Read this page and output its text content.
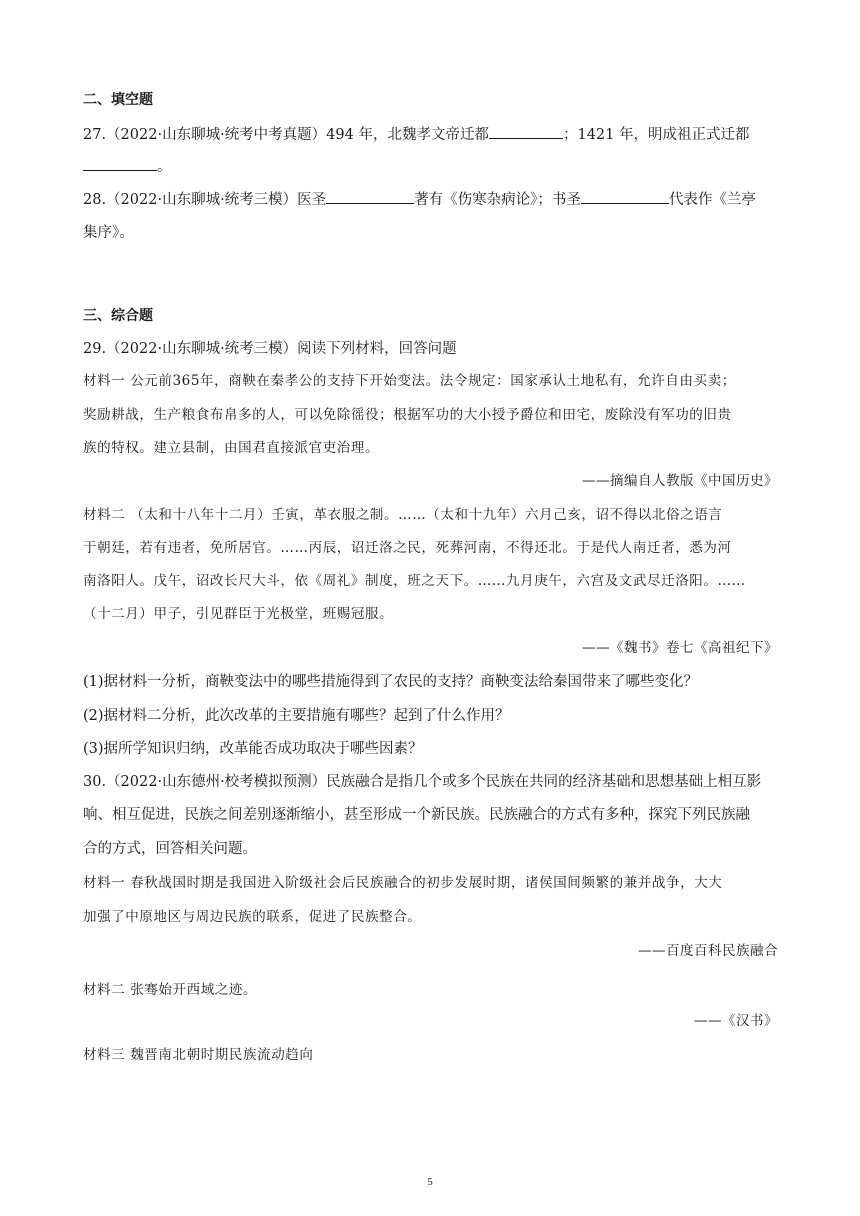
二、填空题
27.（2022·山东聊城·统考中考真题）494 年，北魏孝文帝迁都	；1421 年，明成祖正式迁都
。
28.（2022·山东聊城·统考三模）医圣	著有《伤寒杂病论》；书圣	代表作《兰亭
集序》。
三、综合题
29.（2022·山东聊城·统考三模）阅读下列材料，回答问题
材料一 公元前365年，商鞅在秦孝公的支持下开始变法。法令规定：国家承认土地私有，允许自由买卖；
奖励耕战，生产粮食布帛多的人，可以免除徭役；根据军功的大小授予爵位和田宅，废除没有军功的旧贵
族的特权。建立县制，由国君直接派官吏治理。
——摘编自人教版《中国历史》
材料二 （太和十八年十二月）壬寅，革衣服之制。……（太和十九年）六月己亥，诏不得以北俗之语言
于朝廷，若有违者，免所居官。……丙辰，诏迁洛之民，死葬河南，不得还北。于是代人南迁者，悉为河
南洛阳人。戊午，诏改长尺大斗，依《周礼》制度，班之天下。……九月庚午，六宫及文武尽迁洛阳。……
（十二月）甲子，引见群臣于光极堂，班赐冠服。
——《魏书》卷七《高祖纪下》
(1)据材料一分析，商鞅变法中的哪些措施得到了农民的支持？商鞅变法给秦国带来了哪些变化？
(2)据材料二分析，此次改革的主要措施有哪些？起到了什么作用？
(3)据所学知识归纳，改革能否成功取决于哪些因素？
30.（2022·山东德州·校考模拟预测）民族融合是指几个或多个民族在共同的经济基础和思想基础上相互影
响、相互促进，民族之间差别逐渐缩小，甚至形成一个新民族。民族融合的方式有多种，探究下列民族融
合的方式，回答相关问题。
材料一 春秋战国时期是我国进入阶级社会后民族融合的初步发展时期，诸侯国间频繁的兼并战争，大大
加强了中原地区与周边民族的联系，促进了民族整合。
——百度百科民族融合
材料二 张骞始开西域之迹。
——《汉书》
材料三 魏晋南北朝时期民族流动趋向
5
